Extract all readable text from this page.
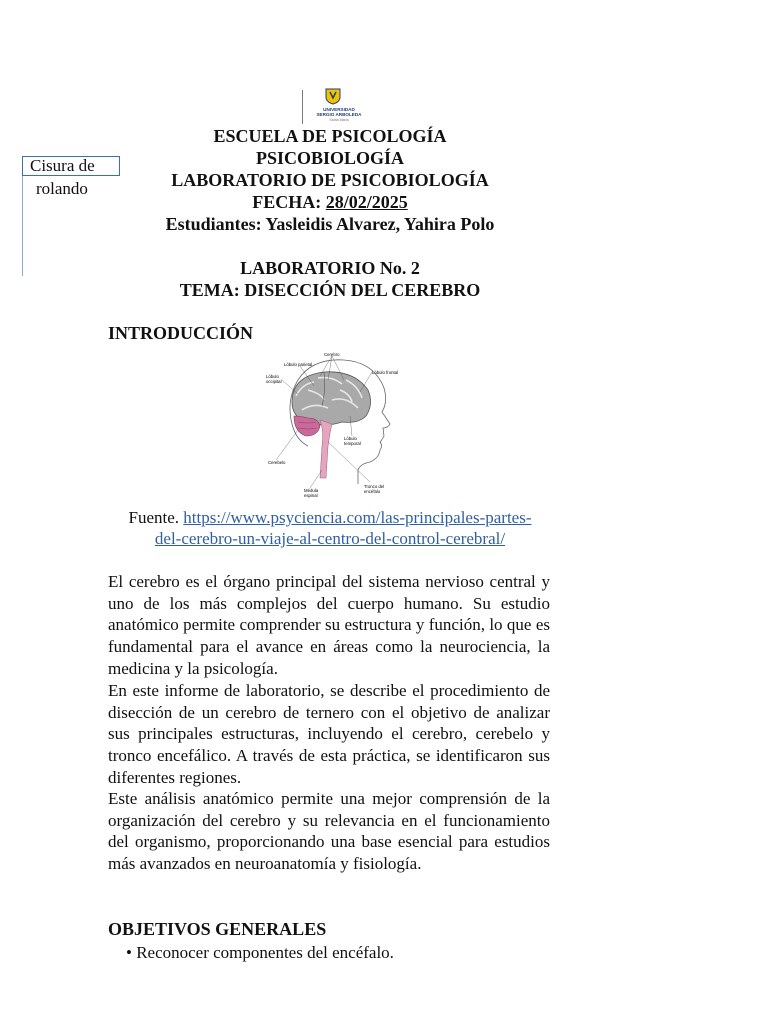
UNIVERSIDAD
SERGIO ARBOLEDA
Santa Marta
Cisura de
rolando
ESCUELA DE PSICOLOGÍA
PSICOBIOLOGÍA
LABORATORIO DE PSICOBIOLOGÍA
FECHA: 28/02/2025
Estudiantes: Yasleidis Alvarez, Yahira Polo
LABORATORIO No. 2
TEMA: DISECCIÓN DEL CEREBRO
INTRODUCCIÓN
Cerebro
Lóbulo parietal
Lóbulo frontal
Lóbulo
occipital
Lóbulo
temporal
Cerebelo
Médula
espinal
Tronco del
encéfalo
Fuente. https://www.psyciencia.com/las-principales-partes-
del-cerebro-un-viaje-al-centro-del-control-cerebral/
El cerebro es el órgano principal del sistema nervioso central y uno de los más complejos del cuerpo humano. Su estudio anatómico permite comprender su estructura y función, lo que es fundamental para el avance en áreas como la neurociencia, la medicina y la psicología.
En este informe de laboratorio, se describe el procedimiento de disección de un cerebro de ternero con el objetivo de analizar sus principales estructuras, incluyendo el cerebro, cerebelo y tronco encefálico. A través de esta práctica, se identificaron sus diferentes regiones.
Este análisis anatómico permite una mejor comprensión de la organización del cerebro y su relevancia en el funcionamiento del organismo, proporcionando una base esencial para estudios más avanzados en neuroanatomía y fisiología.
OBJETIVOS GENERALES
• Reconocer componentes del encéfalo.
